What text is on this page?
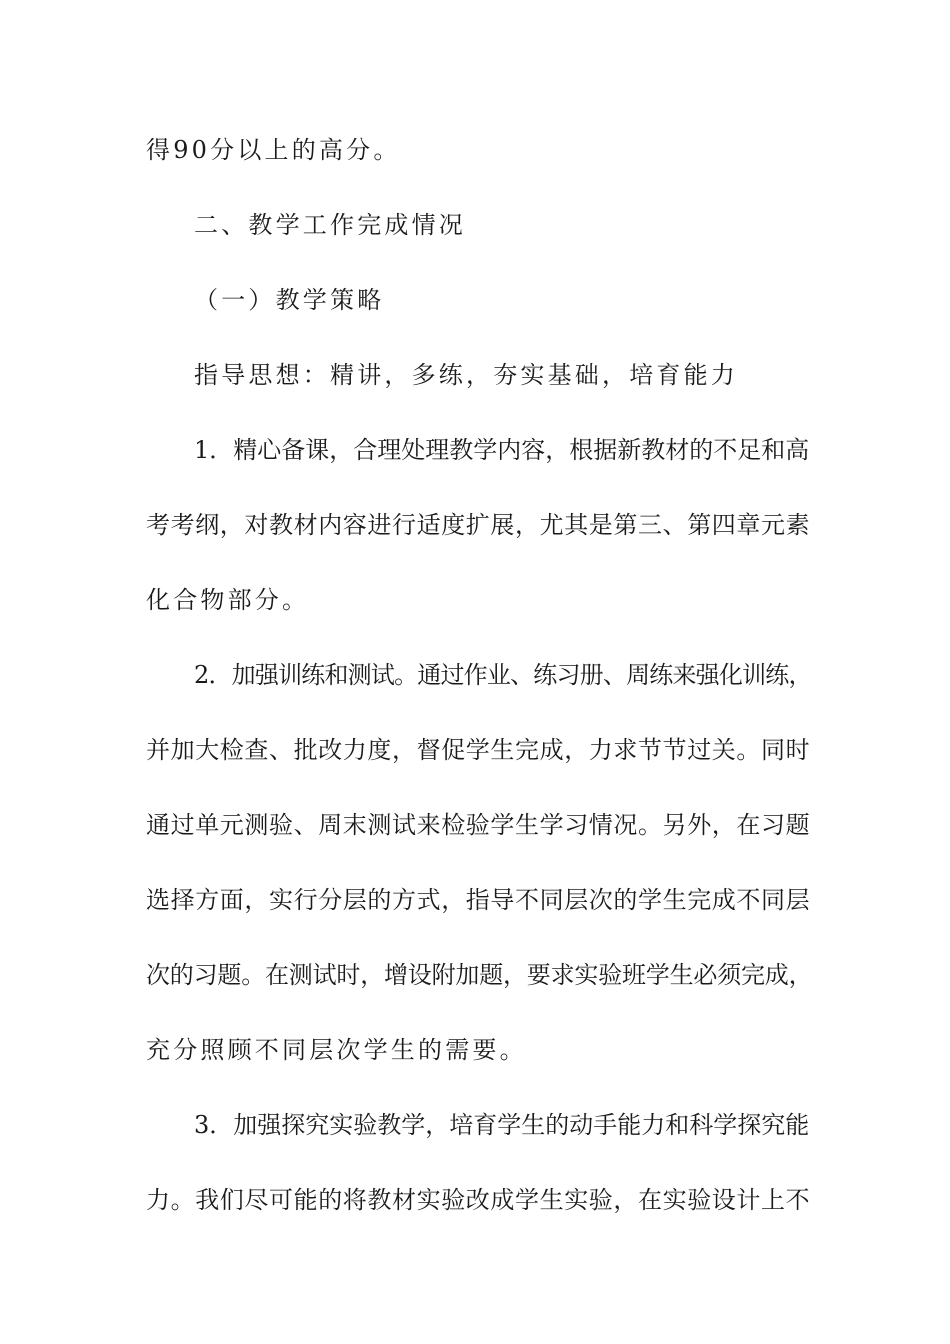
得90分以上的高分。
二、教学工作完成情况
（一）教学策略
指导思想：精讲，多练，夯实基础，培育能力
1．精心备课，合理处理教学内容，根据新教材的不足和高
考考纲，对教材内容进行适度扩展，尤其是第三、第四章元素
化合物部分。
2．加强训练和测试。通过作业、练习册、周练来强化训练，
并加大检查、批改力度，督促学生完成，力求节节过关。同时
通过单元测验、周末测试来检验学生学习情况。另外，在习题
选择方面，实行分层的方式，指导不同层次的学生完成不同层
次的习题。在测试时，增设附加题，要求实验班学生必须完成，
充分照顾不同层次学生的需要。
3．加强探究实验教学，培育学生的动手能力和科学探究能
力。我们尽可能的将教材实验改成学生实验，在实验设计上不
